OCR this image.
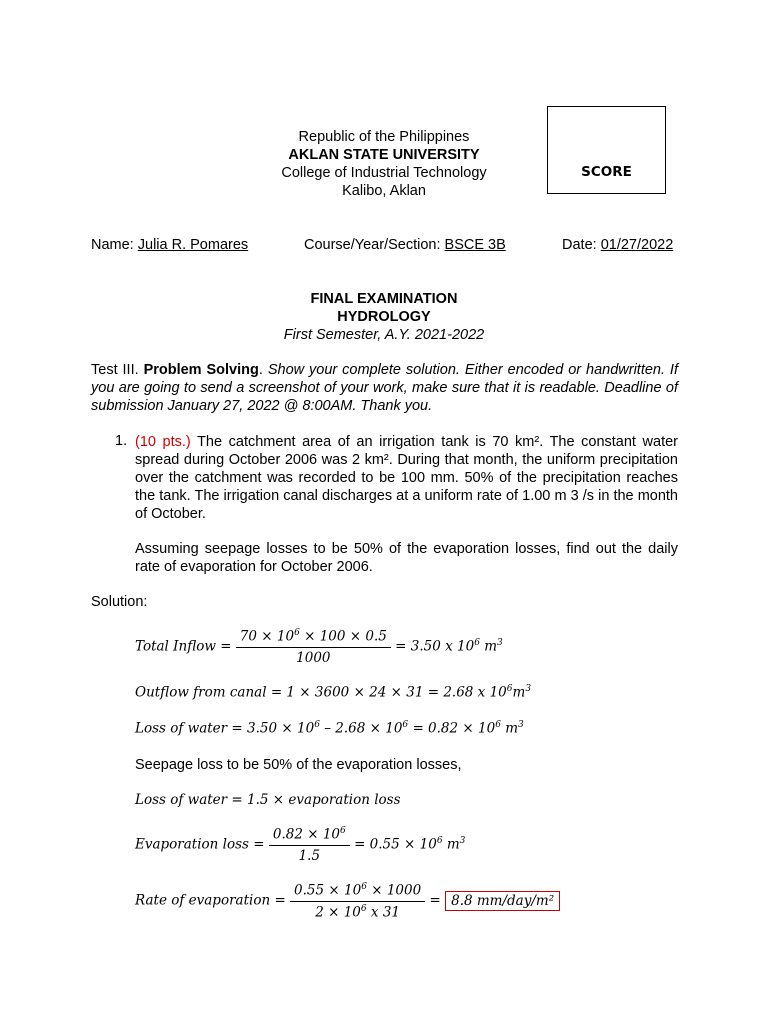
Republic of the Philippines
AKLAN STATE UNIVERSITY
College of Industrial Technology
Kalibo, Aklan
SCORE
Name: Julia R. Pomares	Course/Year/Section: BSCE 3B	Date: 01/27/2022
FINAL EXAMINATION
HYDROLOGY
First Semester, A.Y. 2021-2022
Test III. Problem Solving. Show your complete solution. Either encoded or handwritten. If you are going to send a screenshot of your work, make sure that it is readable. Deadline of submission January 27, 2022 @ 8:00AM. Thank you.
1. (10 pts.) The catchment area of an irrigation tank is 70 km². The constant water spread during October 2006 was 2 km². During that month, the uniform precipitation over the catchment was recorded to be 100 mm. 50% of the precipitation reaches the tank. The irrigation canal discharges at a uniform rate of 1.00 m 3 /s in the month of October.
Assuming seepage losses to be 50% of the evaporation losses, find out the daily rate of evaporation for October 2006.
Solution:
Total Inflow = $\frac{70 \times 10^6 \times 100 \times 0.5}{1000} = 3.50$ x $10^6$ $m^3$
Outflow from canal = 1 × 3600 × 24 × 31 = 2.68 x $10^6m^3$
Loss of water = $3.50 \times 10^6 - 2.68 \times 10^6 = 0.82 \times 10^6$ $m^3$
Seepage loss to be 50% of the evaporation losses,
Loss of water = 1.5 × evaporation loss
Evaporation loss = $\frac{0.82 \times 10^6}{1.5} = 0.55 \times 10^6$ $m^3$
Rate of evaporation = $\frac{0.55 \times 10^6 \times 1000}{2 \times 10^6 x 31} = 8.8$ mm/day/m²
